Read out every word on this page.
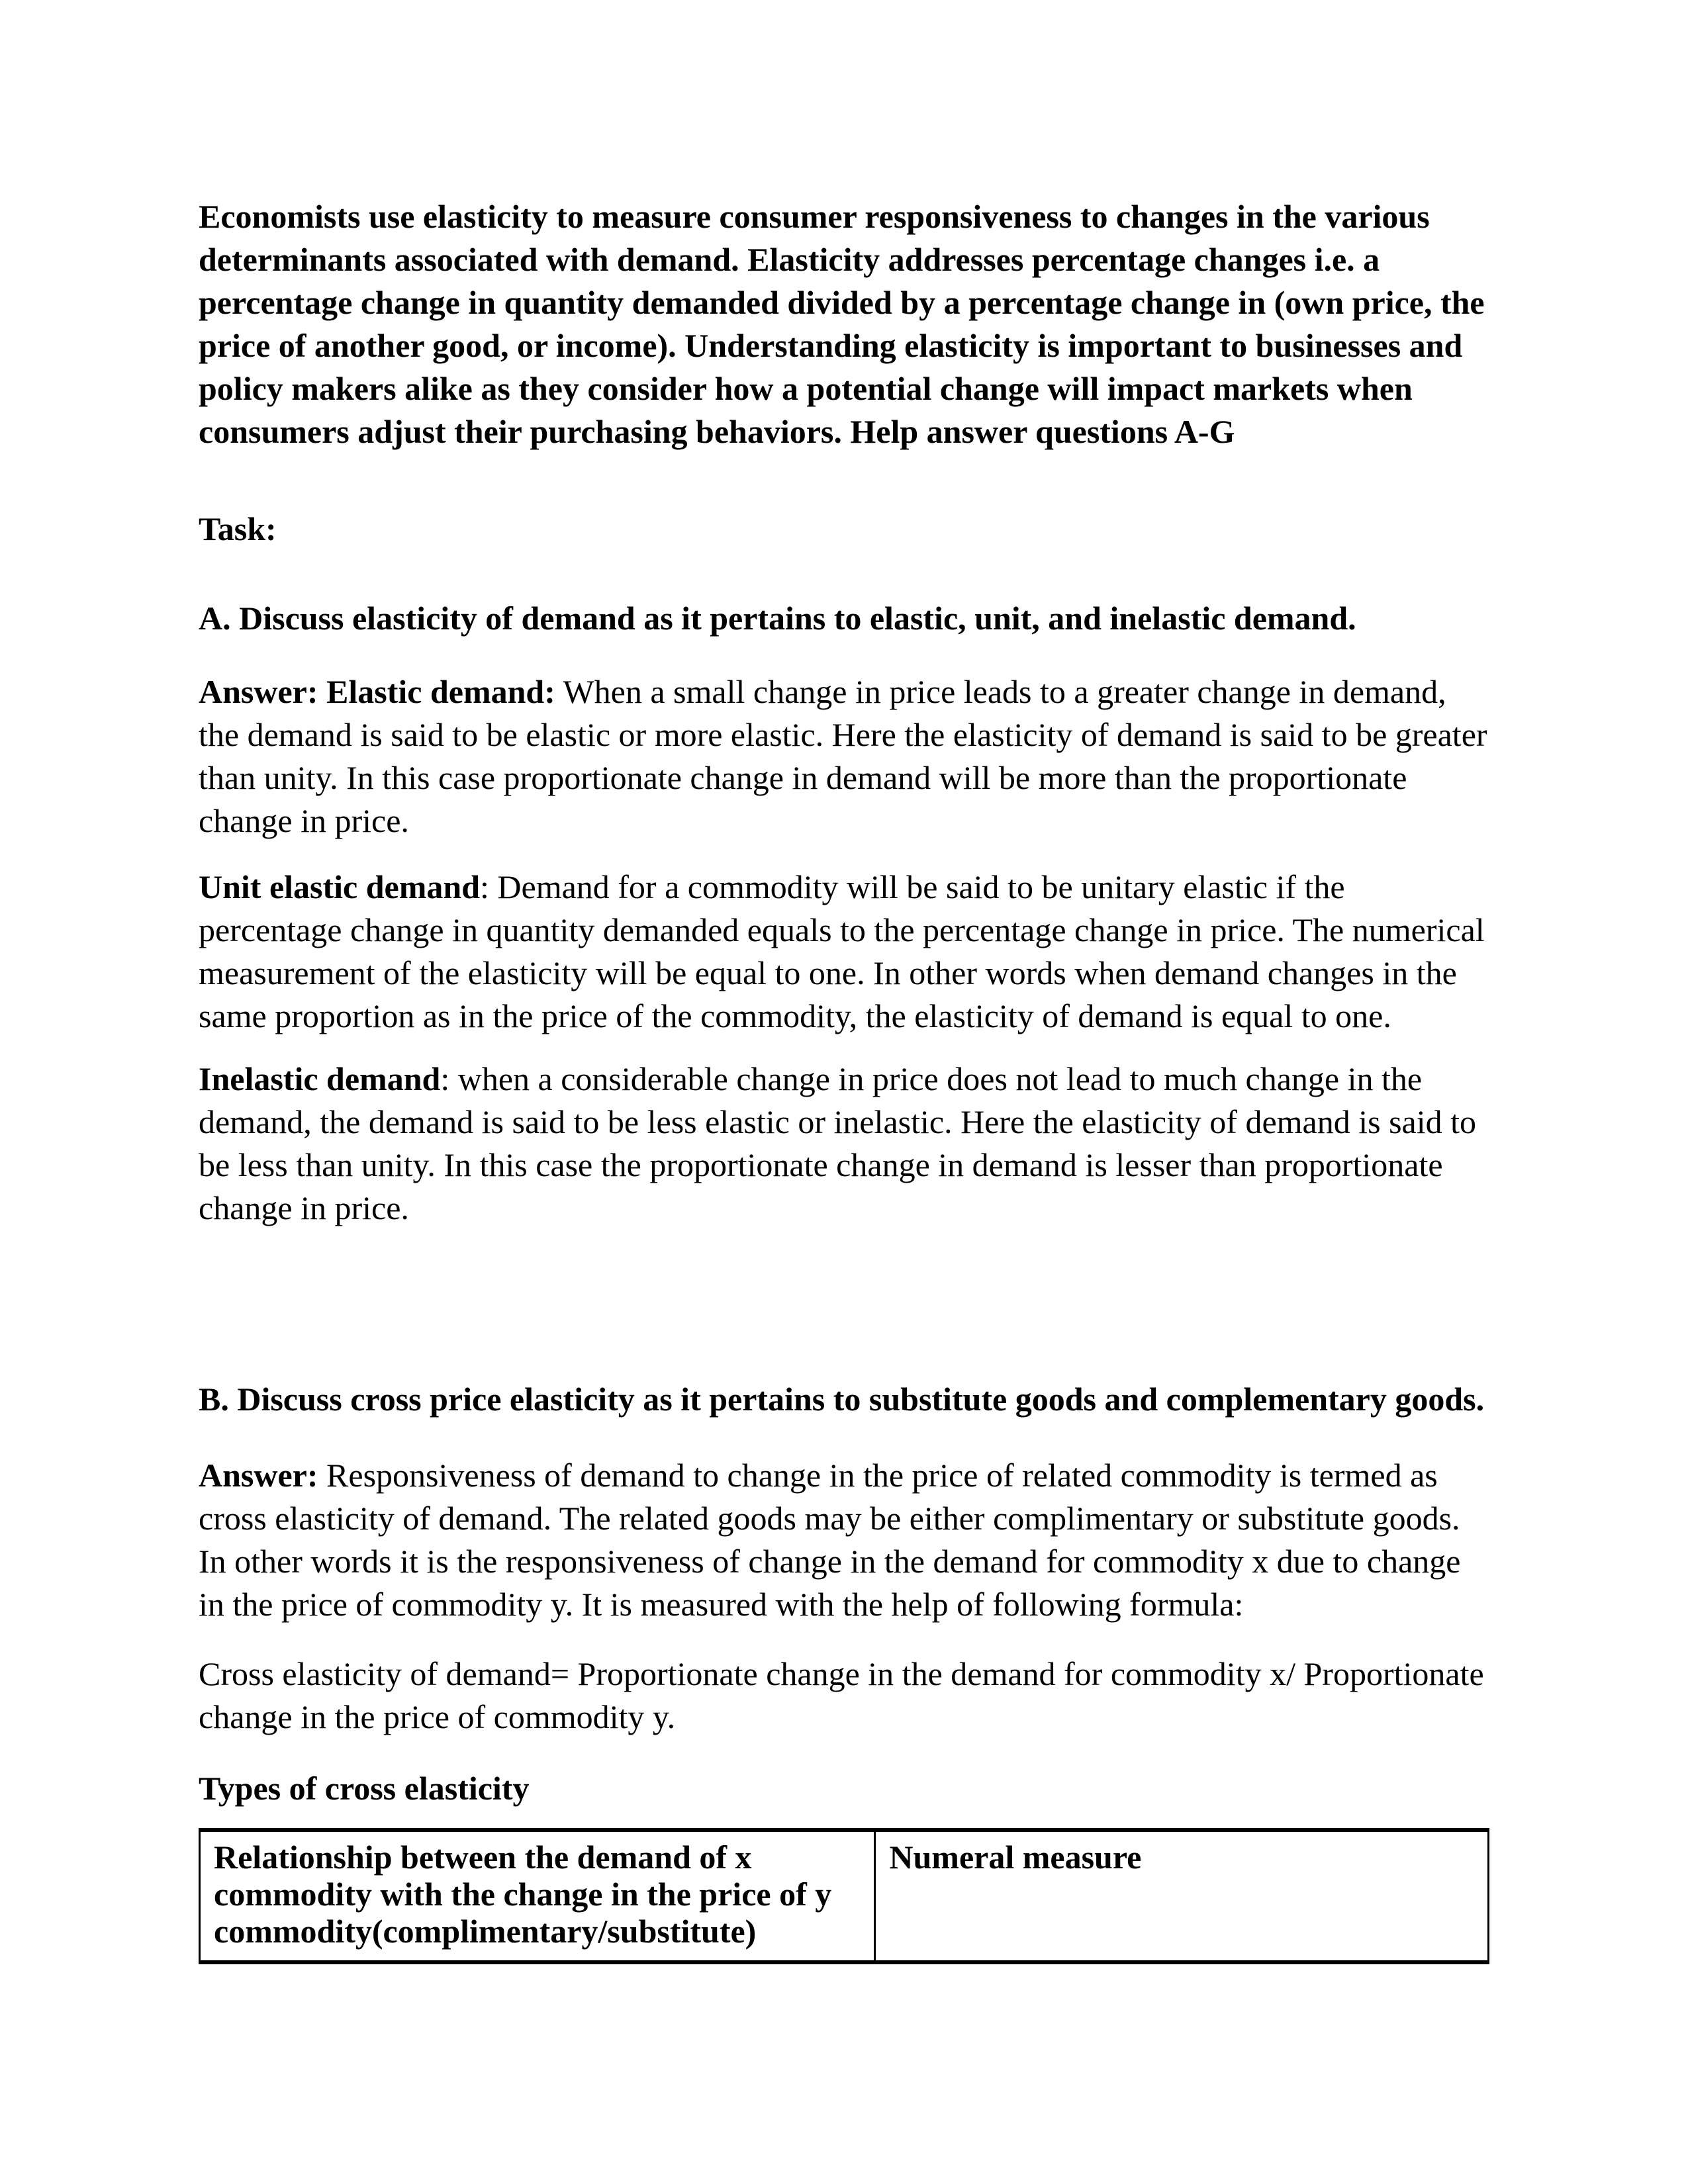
Economists use elasticity to measure consumer responsiveness to changes in the various determinants associated with demand. Elasticity addresses percentage changes i.e. a percentage change in quantity demanded divided by a percentage change in (own price, the price of another good, or income). Understanding elasticity is important to businesses and policy makers alike as they consider how a potential change will impact markets when consumers adjust their purchasing behaviors. Help answer questions A-G

Task:

A. Discuss elasticity of demand as it pertains to elastic, unit, and inelastic demand.

Answer: Elastic demand: When a small change in price leads to a greater change in demand, the demand is said to be elastic or more elastic. Here the elasticity of demand is said to be greater than unity. In this case proportionate change in demand will be more than the proportionate change in price.

Unit elastic demand: Demand for a commodity will be said to be unitary elastic if the percentage change in quantity demanded equals to the percentage change in price. The numerical measurement of the elasticity will be equal to one. In other words when demand changes in the same proportion as in the price of the commodity, the elasticity of demand is equal to one.

Inelastic demand: when a considerable change in price does not lead to much change in the demand, the demand is said to be less elastic or inelastic. Here the elasticity of demand is said to be less than unity. In this case the proportionate change in demand is lesser than proportionate change in price.

B. Discuss cross price elasticity as it pertains to substitute goods and complementary goods.

Answer: Responsiveness of demand to change in the price of related commodity is termed as cross elasticity of demand. The related goods may be either complimentary or substitute goods. In other words it is the responsiveness of change in the demand for commodity x due to change in the price of commodity y. It is measured with the help of following formula:

Cross elasticity of demand= Proportionate change in the demand for commodity x/ Proportionate change in the price of commodity y.

Types of cross elasticity

Relationship between the demand of x commodity with the change in the price of y commodity(complimentary/substitute)	Numeral measure
